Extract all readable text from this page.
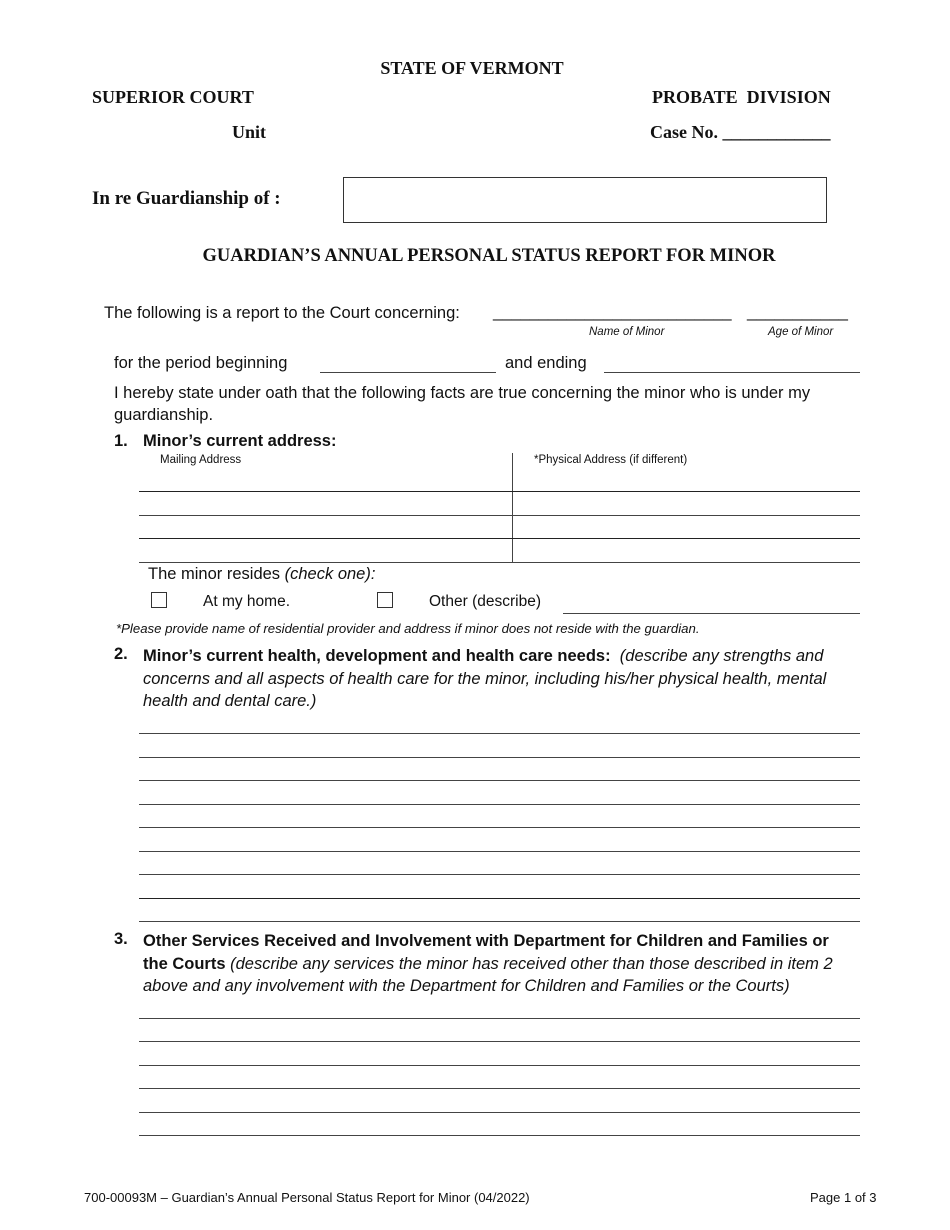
STATE OF VERMONT
SUPERIOR COURT	PROBATE  DIVISION
Unit	Case No. ____________
In re Guardianship of :
GUARDIAN’S ANNUAL PERSONAL STATUS REPORT FOR MINOR
The following is a report to the Court concerning: __________________________ ___________
Name of Minor	Age of Minor
for the period beginning	and ending
I hereby state under oath that the following facts are true concerning the minor who is under my guardianship.
1. Minor’s current address:
Mailing Address	*Physical Address (if different)
The minor resides (check one):
At my home.	Other (describe)
*Please provide name of residential provider and address if minor does not reside with the guardian.
2. Minor’s current health, development and health care needs: (describe any strengths and concerns and all aspects of health care for the minor, including his/her physical health, mental health and dental care.)
3. Other Services Received and Involvement with Department for Children and Families or the Courts (describe any services the minor has received other than those described in item 2 above and any involvement with the Department for Children and Families or the Courts)
700-00093M – Guardian’s Annual Personal Status Report for Minor (04/2022)	Page 1 of 3
